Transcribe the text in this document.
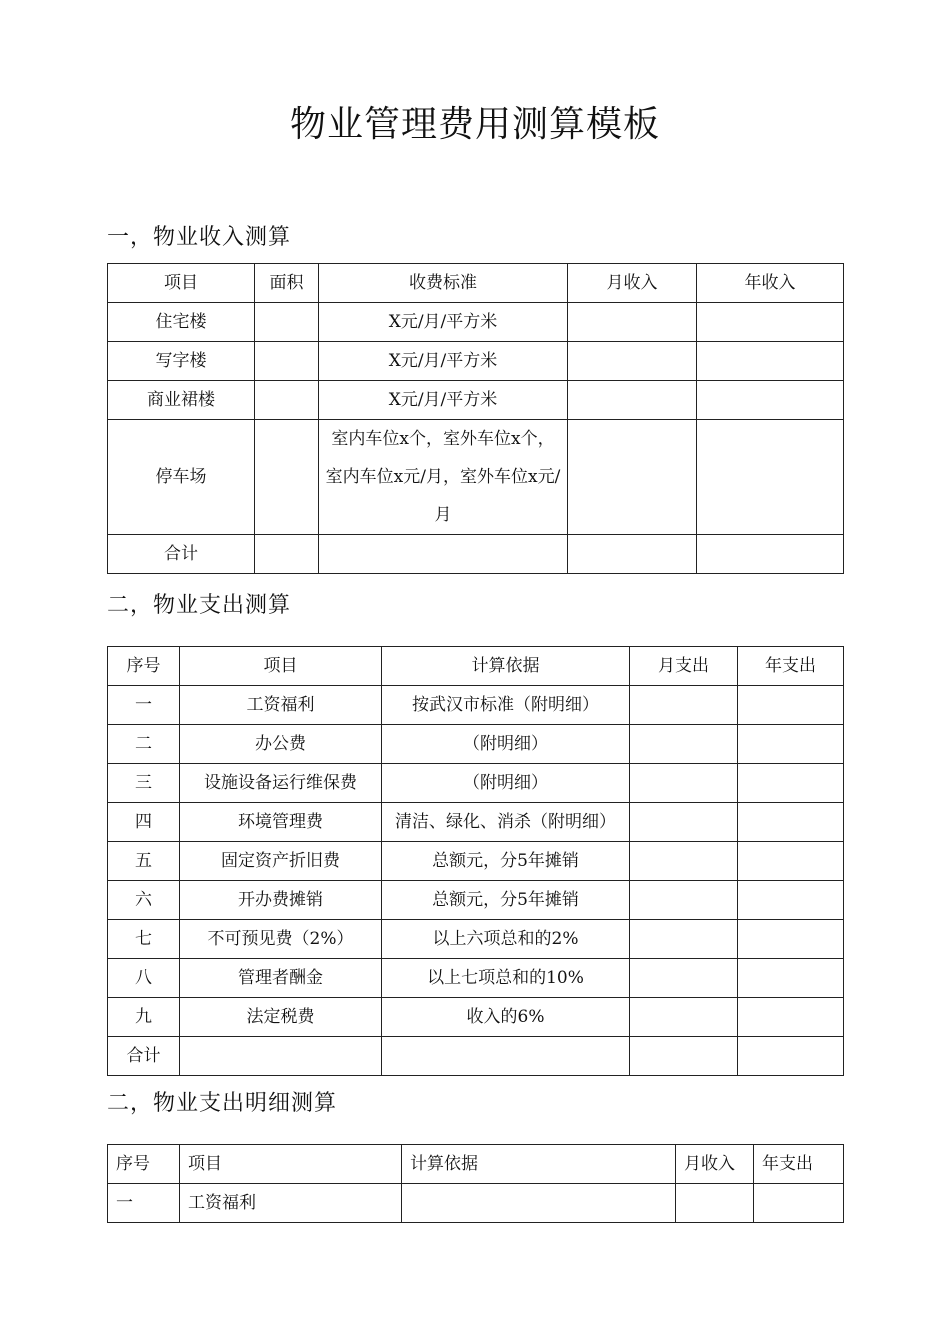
物业管理费用测算模板
一，物业收入测算
项目	面积	收费标准	月收入	年收入
住宅楼		X元/月/平方米		
写字楼		X元/月/平方米		
商业裙楼		X元/月/平方米		
停车场		室内车位x个，室外车位x个，室内车位x元/月，室外车位x元/月		
合计				
二，物业支出测算
序号	项目	计算依据	月支出	年支出
一	工资福利	按武汉市标准（附明细）		
二	办公费	（附明细）		
三	设施设备运行维保费	（附明细）		
四	环境管理费	清洁、绿化、消杀（附明细）		

五	固定资产折旧费	总额元，分5年摊销		
六	开办费摊销	总额元，分5年摊销		
七	不可预见费（2%）	以上六项总和的2%		
八	管理者酬金	以上七项总和的10%		
九	法定税费	收入的6%		
合计				
二，物业支出明细测算
序号	项目	计算依据	月收入	年支出
一	工资福利			
